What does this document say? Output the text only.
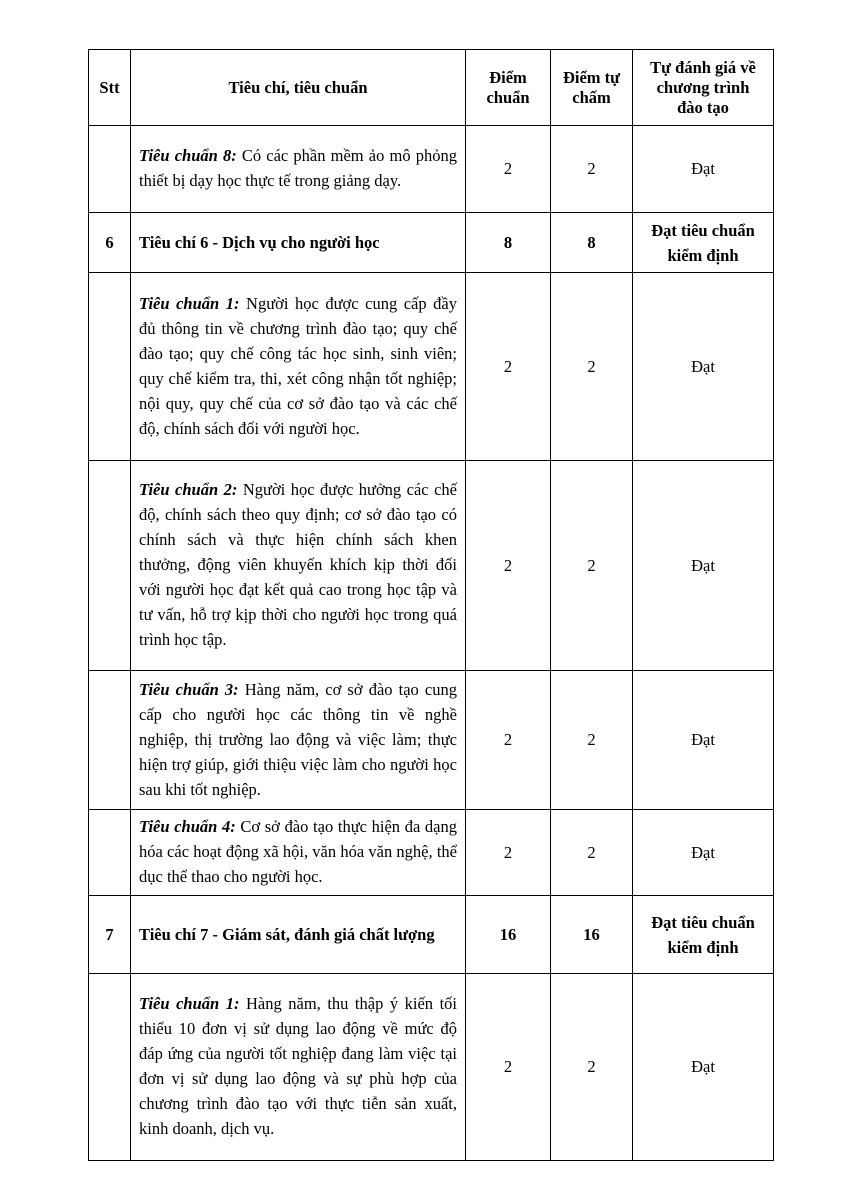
Stt	Tiêu chí, tiêu chuẩn	Điểm chuẩn	Điểm tự chấm	Tự đánh giá về chương trình đào tạo

	Tiêu chuẩn 8: Có các phần mềm ảo mô phỏng thiết bị dạy học thực tế trong giảng dạy.	2	2	Đạt
6	Tiêu chí 6 - Dịch vụ cho người học	8	8	Đạt tiêu chuẩn kiểm định

	Tiêu chuẩn 1: Người học được cung cấp đầy đủ thông tin về chương trình đào tạo; quy chế đào tạo; quy chế công tác học sinh, sinh viên; quy chế kiểm tra, thi, xét công nhận tốt nghiệp; nội quy, quy chế của cơ sở đào tạo và các chế độ, chính sách đối với người học.	2	2	Đạt

	Tiêu chuẩn 2: Người học được hưởng các chế độ, chính sách theo quy định; cơ sở đào tạo có chính sách và thực hiện chính sách khen thưởng, động viên khuyến khích kịp thời đối với người học đạt kết quả cao trong học tập và tư vấn, hỗ trợ kịp thời cho người học trong quá trình học tập.	2	2	Đạt

	Tiêu chuẩn 3: Hàng năm, cơ sở đào tạo cung cấp cho người học các thông tin về nghề nghiệp, thị trường lao động và việc làm; thực hiện trợ giúp, giới thiệu việc làm cho người học sau khi tốt nghiệp.	2	2	Đạt

	Tiêu chuẩn 4: Cơ sở đào tạo thực hiện đa dạng hóa các hoạt động xã hội, văn hóa văn nghệ, thể dục thể thao cho người học.	2	2	Đạt
7	Tiêu chí 7 - Giám sát, đánh giá chất lượng	16	16	Đạt tiêu chuẩn kiểm định

	Tiêu chuẩn 1: Hàng năm, thu thập ý kiến tối thiểu 10 đơn vị sử dụng lao động về mức độ đáp ứng của người tốt nghiệp đang làm việc tại đơn vị sử dụng lao động và sự phù hợp của chương trình đào tạo với thực tiễn sản xuất, kinh doanh, dịch vụ.	2	2	Đạt
